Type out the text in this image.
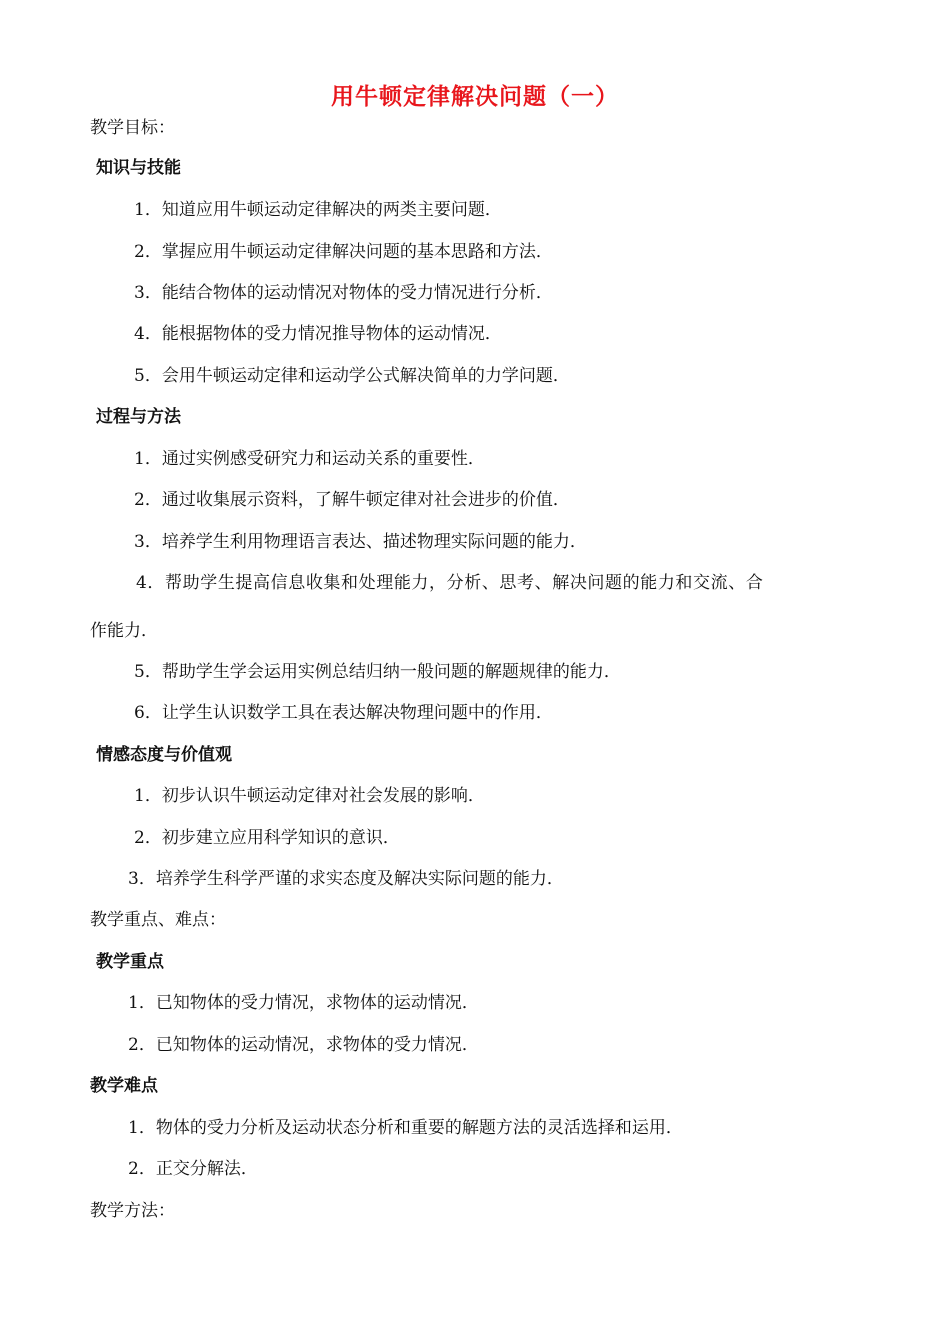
用牛顿定律解决问题（一）
教学目标：
知识与技能
1．知道应用牛顿运动定律解决的两类主要问题．
2．掌握应用牛顿运动定律解决问题的基本思路和方法．
3．能结合物体的运动情况对物体的受力情况进行分析．
4．能根据物体的受力情况推导物体的运动情况．
5．会用牛顿运动定律和运动学公式解决简单的力学问题．
过程与方法
1．通过实例感受研究力和运动关系的重要性．
2．通过收集展示资料，了解牛顿定律对社会进步的价值．
3．培养学生利用物理语言表达、描述物理实际问题的能力．
4．帮助学生提高信息收集和处理能力，分析、思考、解决问题的能力和交流、合
作能力．
5．帮助学生学会运用实例总结归纳一般问题的解题规律的能力．
6．让学生认识数学工具在表达解决物理问题中的作用．
情感态度与价值观
1．初步认识牛顿运动定律对社会发展的影响．
2．初步建立应用科学知识的意识．
3．培养学生科学严谨的求实态度及解决实际问题的能力．
教学重点、难点：
教学重点
1．已知物体的受力情况，求物体的运动情况．
2．已知物体的运动情况，求物体的受力情况．
教学难点
1．物体的受力分析及运动状态分析和重要的解题方法的灵活选择和运用．
2．正交分解法．
教学方法：
